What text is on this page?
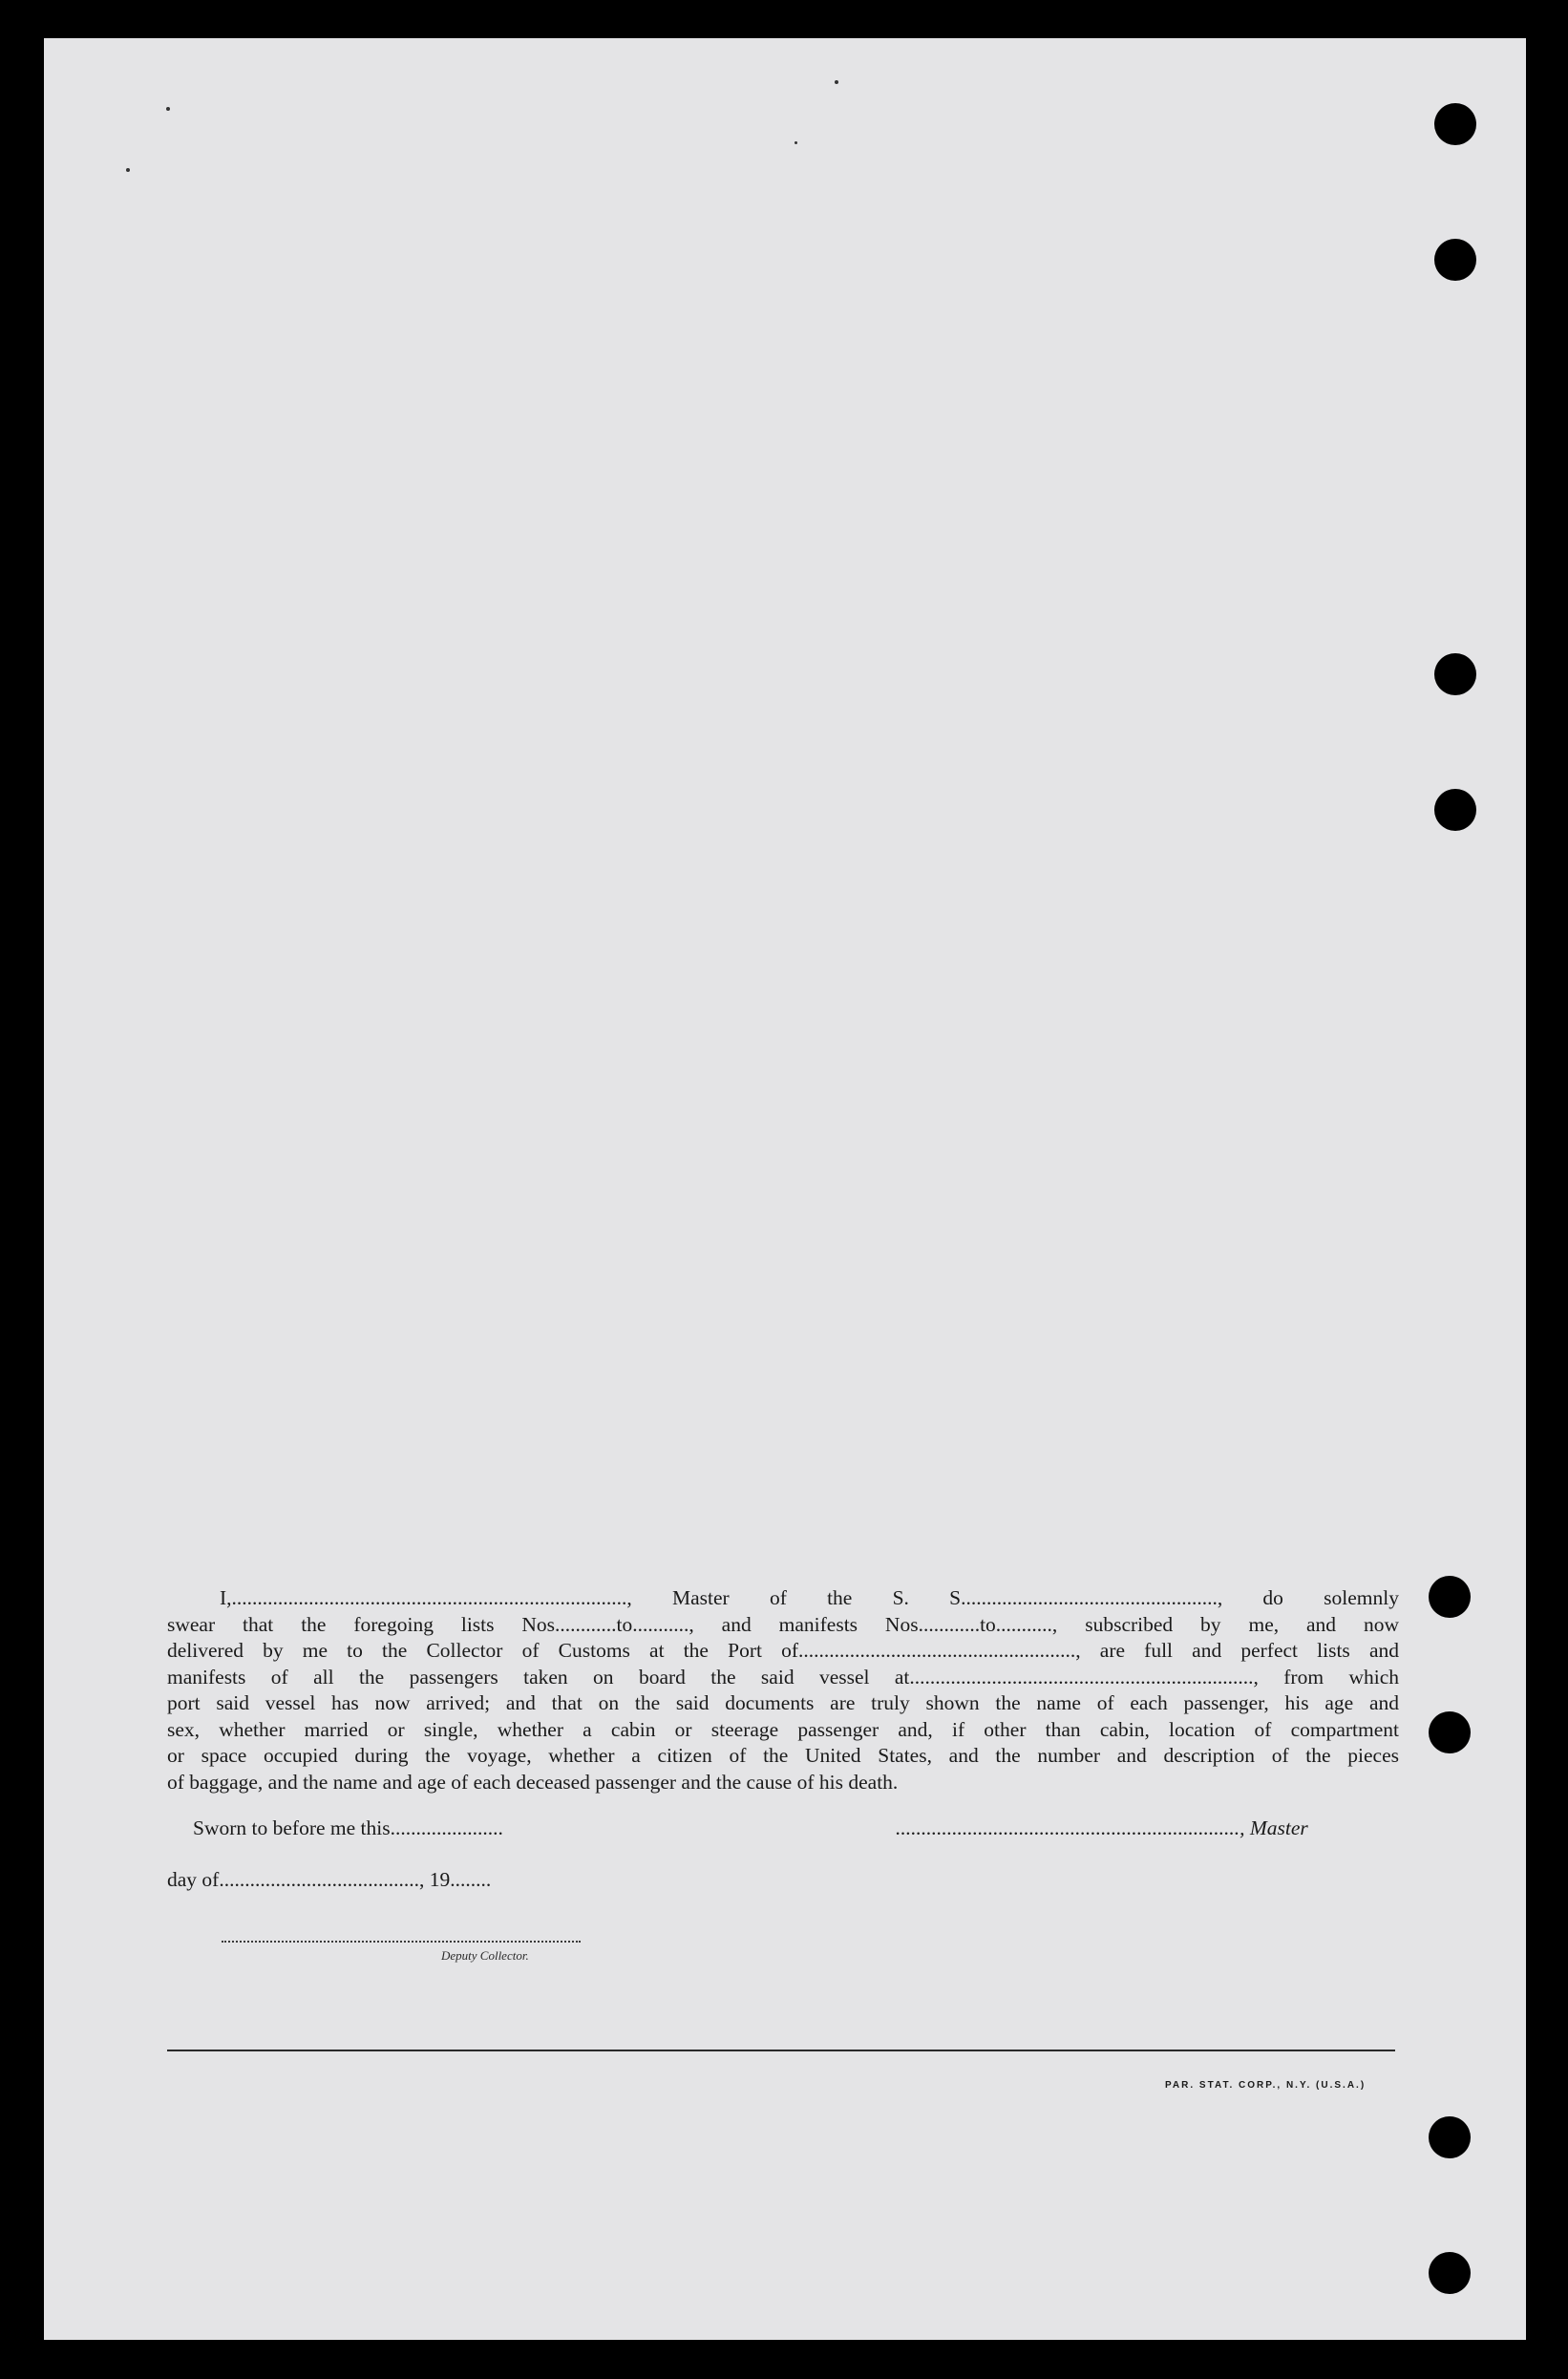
I,............................................................................., Master of the S. S.................................................., do solemnly
swear that the foregoing lists Nos............to..........., and manifests Nos............to..........., subscribed by me, and now
delivered by me to the Collector of Customs at the Port of......................................................, are full and perfect lists and
manifests of all the passengers taken on board the said vessel at..................................................................., from which
port said vessel has now arrived; and that on the said documents are truly shown the name of each passenger, his age and
sex, whether married or single, whether a cabin or steerage passenger and, if other than cabin, location of compartment
or space occupied during the voyage, whether a citizen of the United States, and the number and description of the pieces
of baggage, and the name and age of each deceased passenger and the cause of his death.
Sworn to before me this......................	..................................................................., Master
day of......................................., 19........
Deputy Collector.
PAR. STAT. CORP., N.Y. (U.S.A.)
